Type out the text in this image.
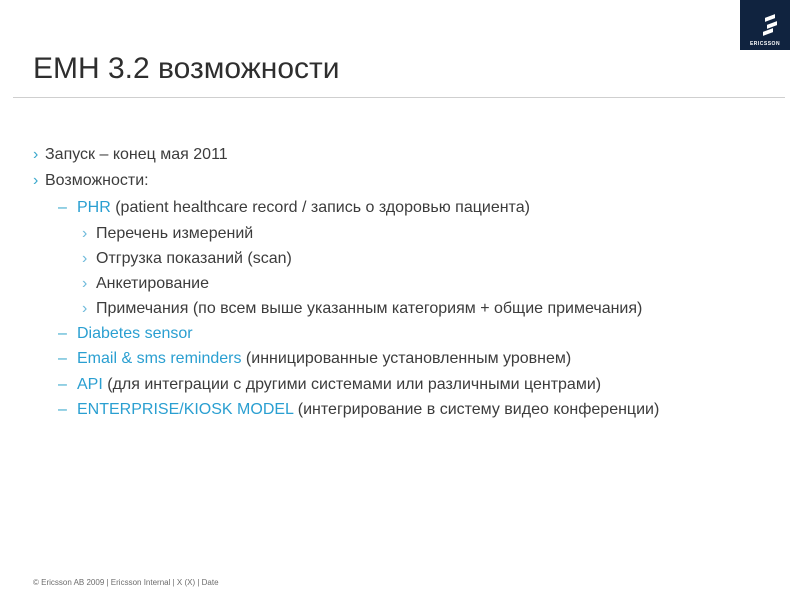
ERICSSON
EMH 3.2 возможности
› Запуск – конец мая 2011
› Возможности:
– PHR (patient healthcare record / запись о здоровью пациента)
› Перечень измерений
› Отгрузка показаний (scan)
› Анкетирование
› Примечания (по всем выше указанным категориям + общие примечания)
– Diabetes sensor
– Email & sms reminders (инницированные установленным уровнем)
– API (для интеграции с другими системами или различными центрами)
– ENTERPRISE/KIOSK MODEL (интегрирование в систему видео конференции)
© Ericsson AB 2009 | Ericsson Internal | X (X) | Date
